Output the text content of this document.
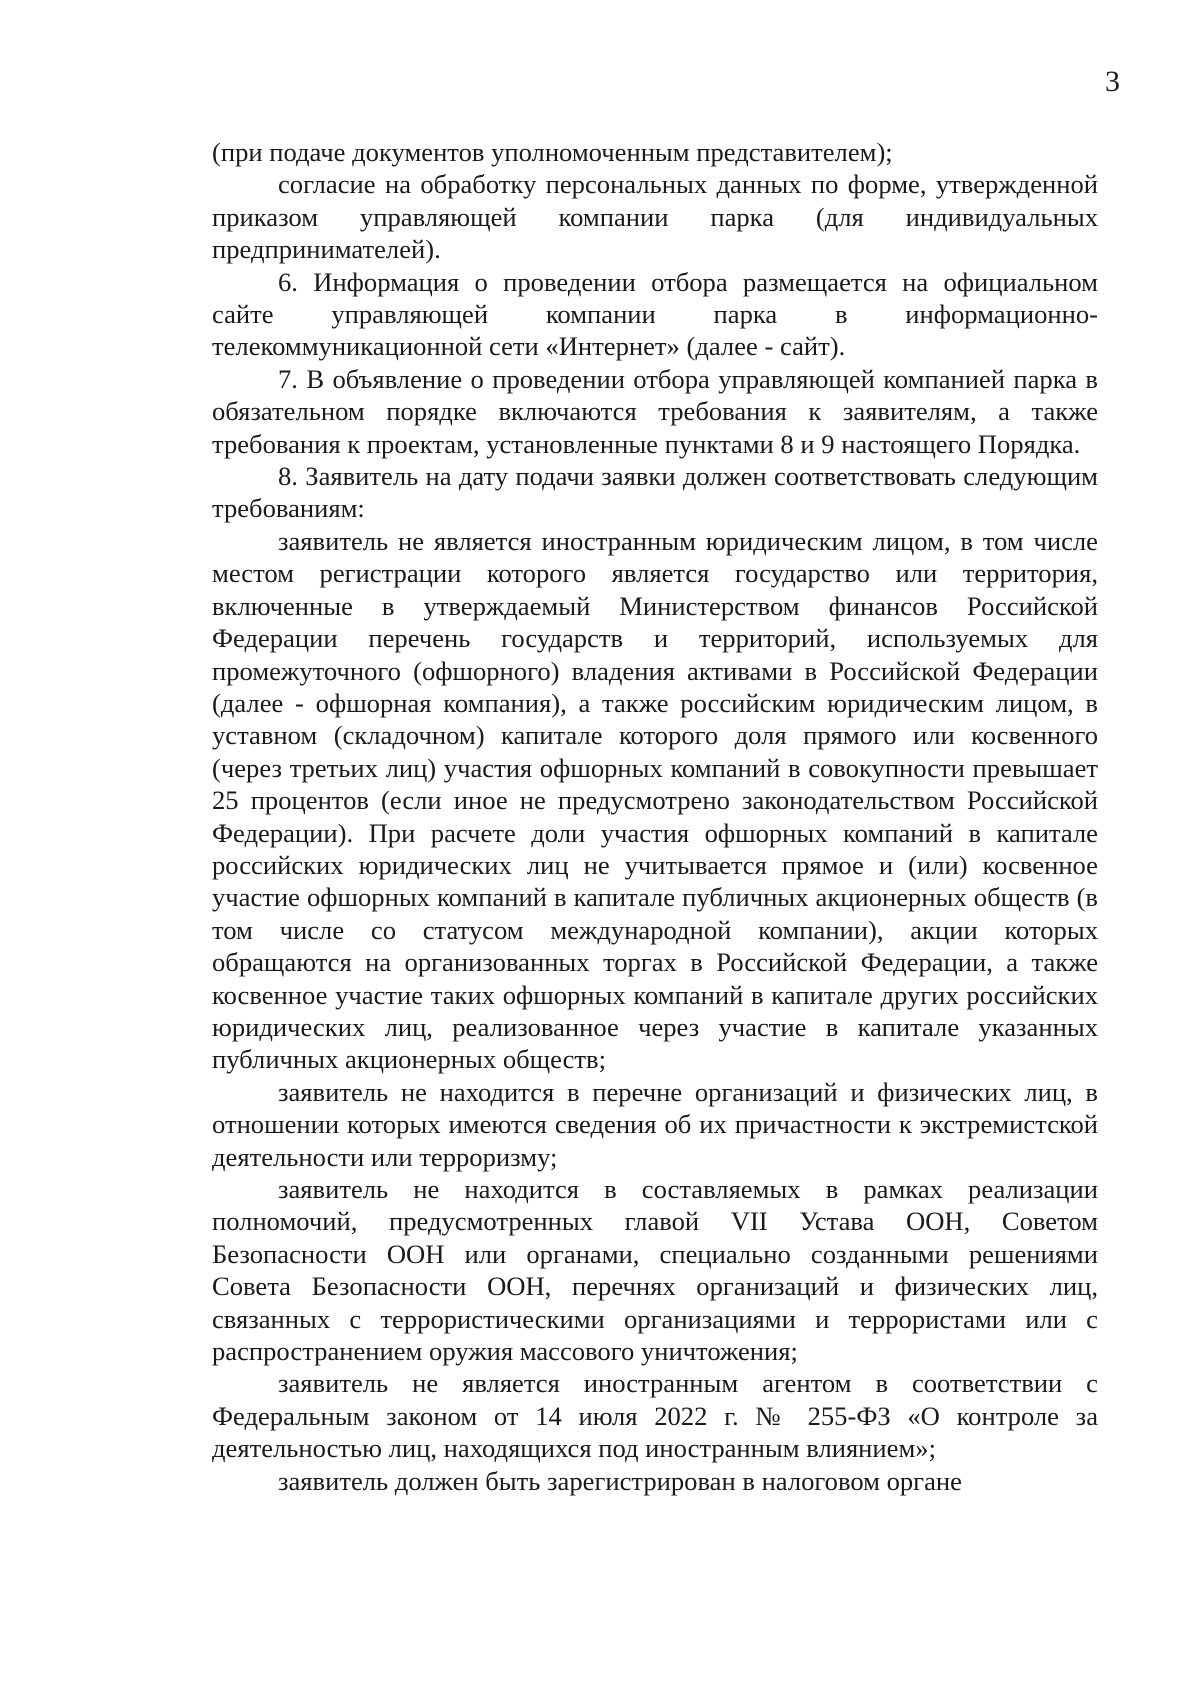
3

(при подаче документов уполномоченным представителем);

согласие на обработку персональных данных по форме, утвержденной приказом управляющей компании парка (для индивидуальных предпринимателей).

6. Информация о проведении отбора размещается на официальном сайте управляющей компании парка в информационно-телекоммуникационной сети «Интернет» (далее - сайт).

7. В объявление о проведении отбора управляющей компанией парка в обязательном порядке включаются требования к заявителям, а также требования к проектам, установленные пунктами 8 и 9 настоящего Порядка.

8. Заявитель на дату подачи заявки должен соответствовать следующим требованиям:

заявитель не является иностранным юридическим лицом, в том числе местом регистрации которого является государство или территория, включенные в утверждаемый Министерством финансов Российской Федерации перечень государств и территорий, используемых для промежуточного (офшорного) владения активами в Российской Федерации (далее - офшорная компания), а также российским юридическим лицом, в уставном (складочном) капитале которого доля прямого или косвенного (через третьих лиц) участия офшорных компаний в совокупности превышает 25 процентов (если иное не предусмотрено законодательством Российской Федерации). При расчете доли участия офшорных компаний в капитале российских юридических лиц не учитывается прямое и (или) косвенное участие офшорных компаний в капитале публичных акционерных обществ (в том числе со статусом международной компании), акции которых обращаются на организованных торгах в Российской Федерации, а также косвенное участие таких офшорных компаний в капитале других российских юридических лиц, реализованное через участие в капитале указанных публичных акционерных обществ;

заявитель не находится в перечне организаций и физических лиц, в отношении которых имеются сведения об их причастности к экстремистской деятельности или терроризму;

заявитель не находится в составляемых в рамках реализации полномочий, предусмотренных главой VII Устава ООН, Советом Безопасности ООН или органами, специально созданными решениями Совета Безопасности ООН, перечнях организаций и физических лиц, связанных с террористическими организациями и террористами или с распространением оружия массового уничтожения;

заявитель не является иностранным агентом в соответствии с Федеральным законом от 14 июля 2022 г. № 255-ФЗ «О контроле за деятельностью лиц, находящихся под иностранным влиянием»;

заявитель должен быть зарегистрирован в налоговом органе
